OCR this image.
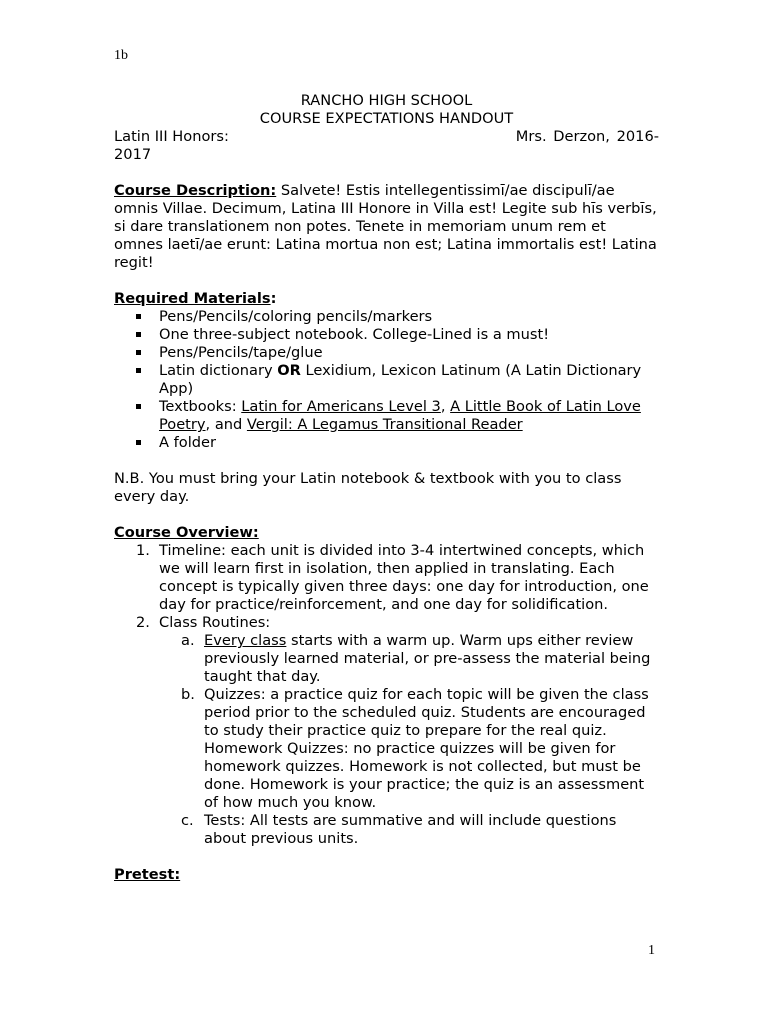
1b
RANCHO HIGH SCHOOL
COURSE EXPECTATIONS HANDOUT
Latin III Honors:	Mrs. Derzon, 2016-
2017

Course Description: Salvete! Estis intellegentissimī/ae discipulī/ae omnis Villae. Decimum, Latina III Honore in Villa est! Legite sub hīs verbīs, si dare translationem non potes. Tenete in memoriam unum rem et omnes laetī/ae erunt: Latina mortua non est; Latina immortalis est! Latina regit!

Required Materials:
Pens/Pencils/coloring pencils/markers
One three-subject notebook. College-Lined is a must!
Pens/Pencils/tape/glue
Latin dictionary OR Lexidium, Lexicon Latinum (A Latin Dictionary App)
Textbooks: Latin for Americans Level 3, A Little Book of Latin Love Poetry, and Vergil: A Legamus Transitional Reader
A folder

N.B. You must bring your Latin notebook & textbook with you to class every day.

Course Overview:
1. Timeline: each unit is divided into 3-4 intertwined concepts, which we will learn first in isolation, then applied in translating. Each concept is typically given three days: one day for introduction, one day for practice/reinforcement, and one day for solidification.
2. Class Routines:
a. Every class starts with a warm up. Warm ups either review previously learned material, or pre-assess the material being taught that day.
b. Quizzes: a practice quiz for each topic will be given the class period prior to the scheduled quiz. Students are encouraged to study their practice quiz to prepare for the real quiz. Homework Quizzes: no practice quizzes will be given for homework quizzes. Homework is not collected, but must be done. Homework is your practice; the quiz is an assessment of how much you know.
c. Tests: All tests are summative and will include questions about previous units.
Pretest:
1
